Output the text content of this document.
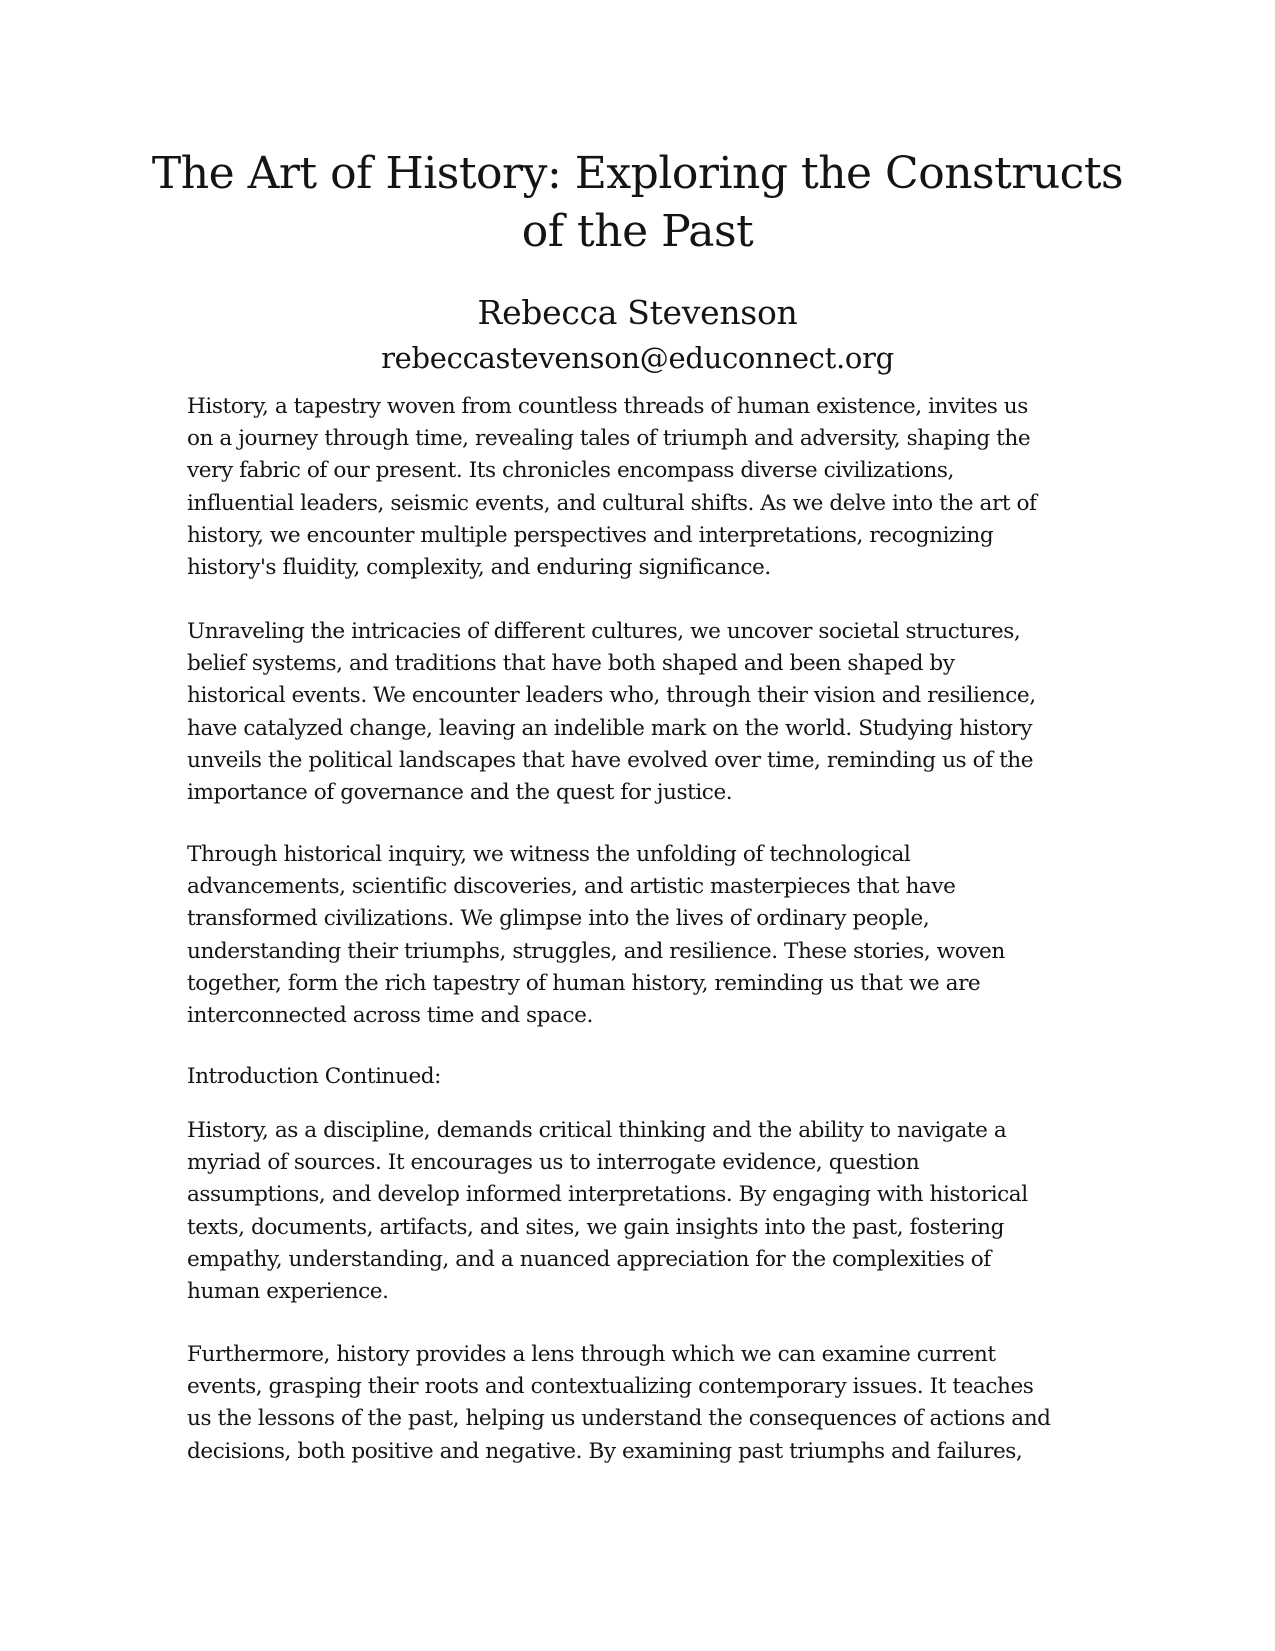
The Art of History: Exploring the Constructs
of the Past
Rebecca Stevenson
rebeccastevenson@educonnect.org

History, a tapestry woven from countless threads of human existence, invites us
on a journey through time, revealing tales of triumph and adversity, shaping the
very fabric of our present. Its chronicles encompass diverse civilizations,
influential leaders, seismic events, and cultural shifts. As we delve into the art of
history, we encounter multiple perspectives and interpretations, recognizing
history's fluidity, complexity, and enduring significance.

Unraveling the intricacies of different cultures, we uncover societal structures,
belief systems, and traditions that have both shaped and been shaped by
historical events. We encounter leaders who, through their vision and resilience,
have catalyzed change, leaving an indelible mark on the world. Studying history
unveils the political landscapes that have evolved over time, reminding us of the
importance of governance and the quest for justice.

Through historical inquiry, we witness the unfolding of technological
advancements, scientific discoveries, and artistic masterpieces that have
transformed civilizations. We glimpse into the lives of ordinary people,
understanding their triumphs, struggles, and resilience. These stories, woven
together, form the rich tapestry of human history, reminding us that we are
interconnected across time and space.

Introduction Continued:

History, as a discipline, demands critical thinking and the ability to navigate a
myriad of sources. It encourages us to interrogate evidence, question
assumptions, and develop informed interpretations. By engaging with historical
texts, documents, artifacts, and sites, we gain insights into the past, fostering
empathy, understanding, and a nuanced appreciation for the complexities of
human experience.

Furthermore, history provides a lens through which we can examine current
events, grasping their roots and contextualizing contemporary issues. It teaches
us the lessons of the past, helping us understand the consequences of actions and
decisions, both positive and negative. By examining past triumphs and failures,
